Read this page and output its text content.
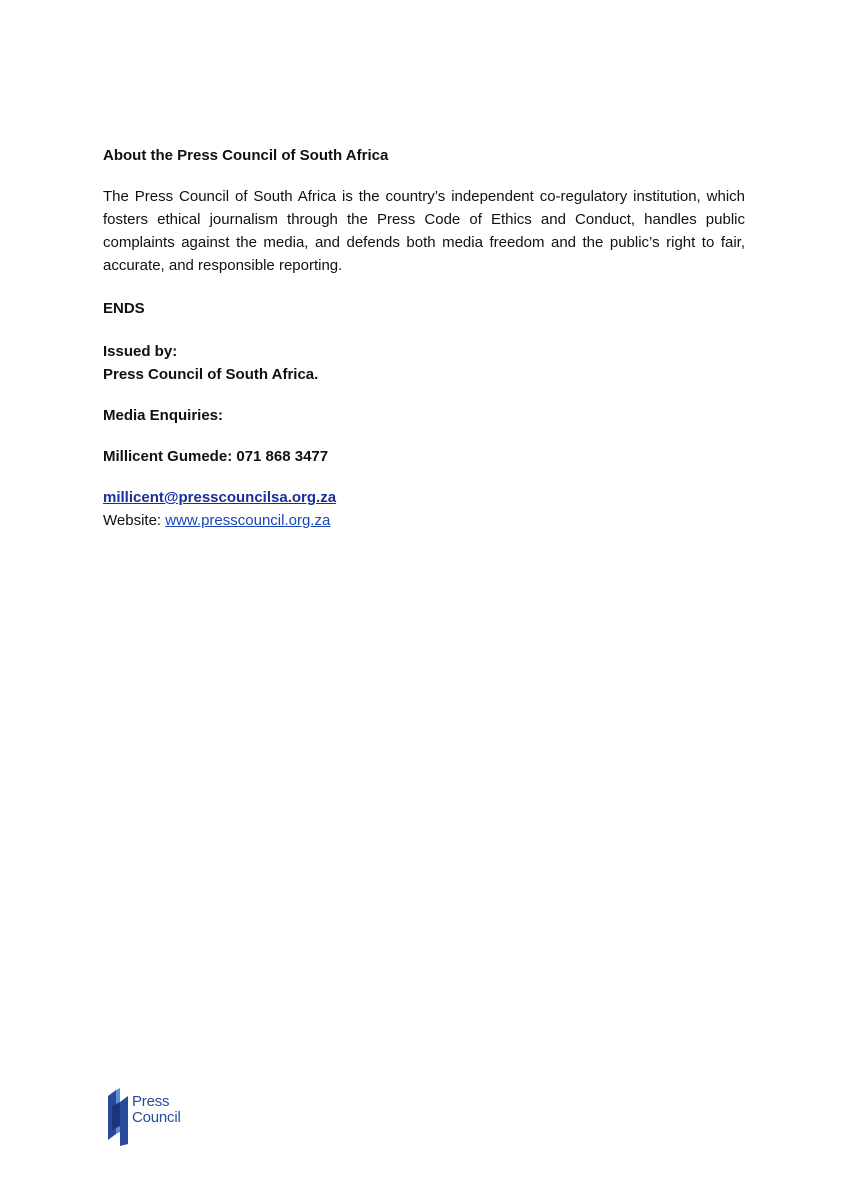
About the Press Council of South Africa

The Press Council of South Africa is the country’s independent co-regulatory institution, which fosters ethical journalism through the Press Code of Ethics and Conduct, handles public complaints against the media, and defends both media freedom and the public’s right to fair, accurate, and responsible reporting.

ENDS

Issued by:
Press Council of South Africa.

Media Enquiries:

Millicent Gumede: 071 868 3477

millicent@presscouncilsa.org.za
Website: www.presscouncil.org.za
Press
Council
